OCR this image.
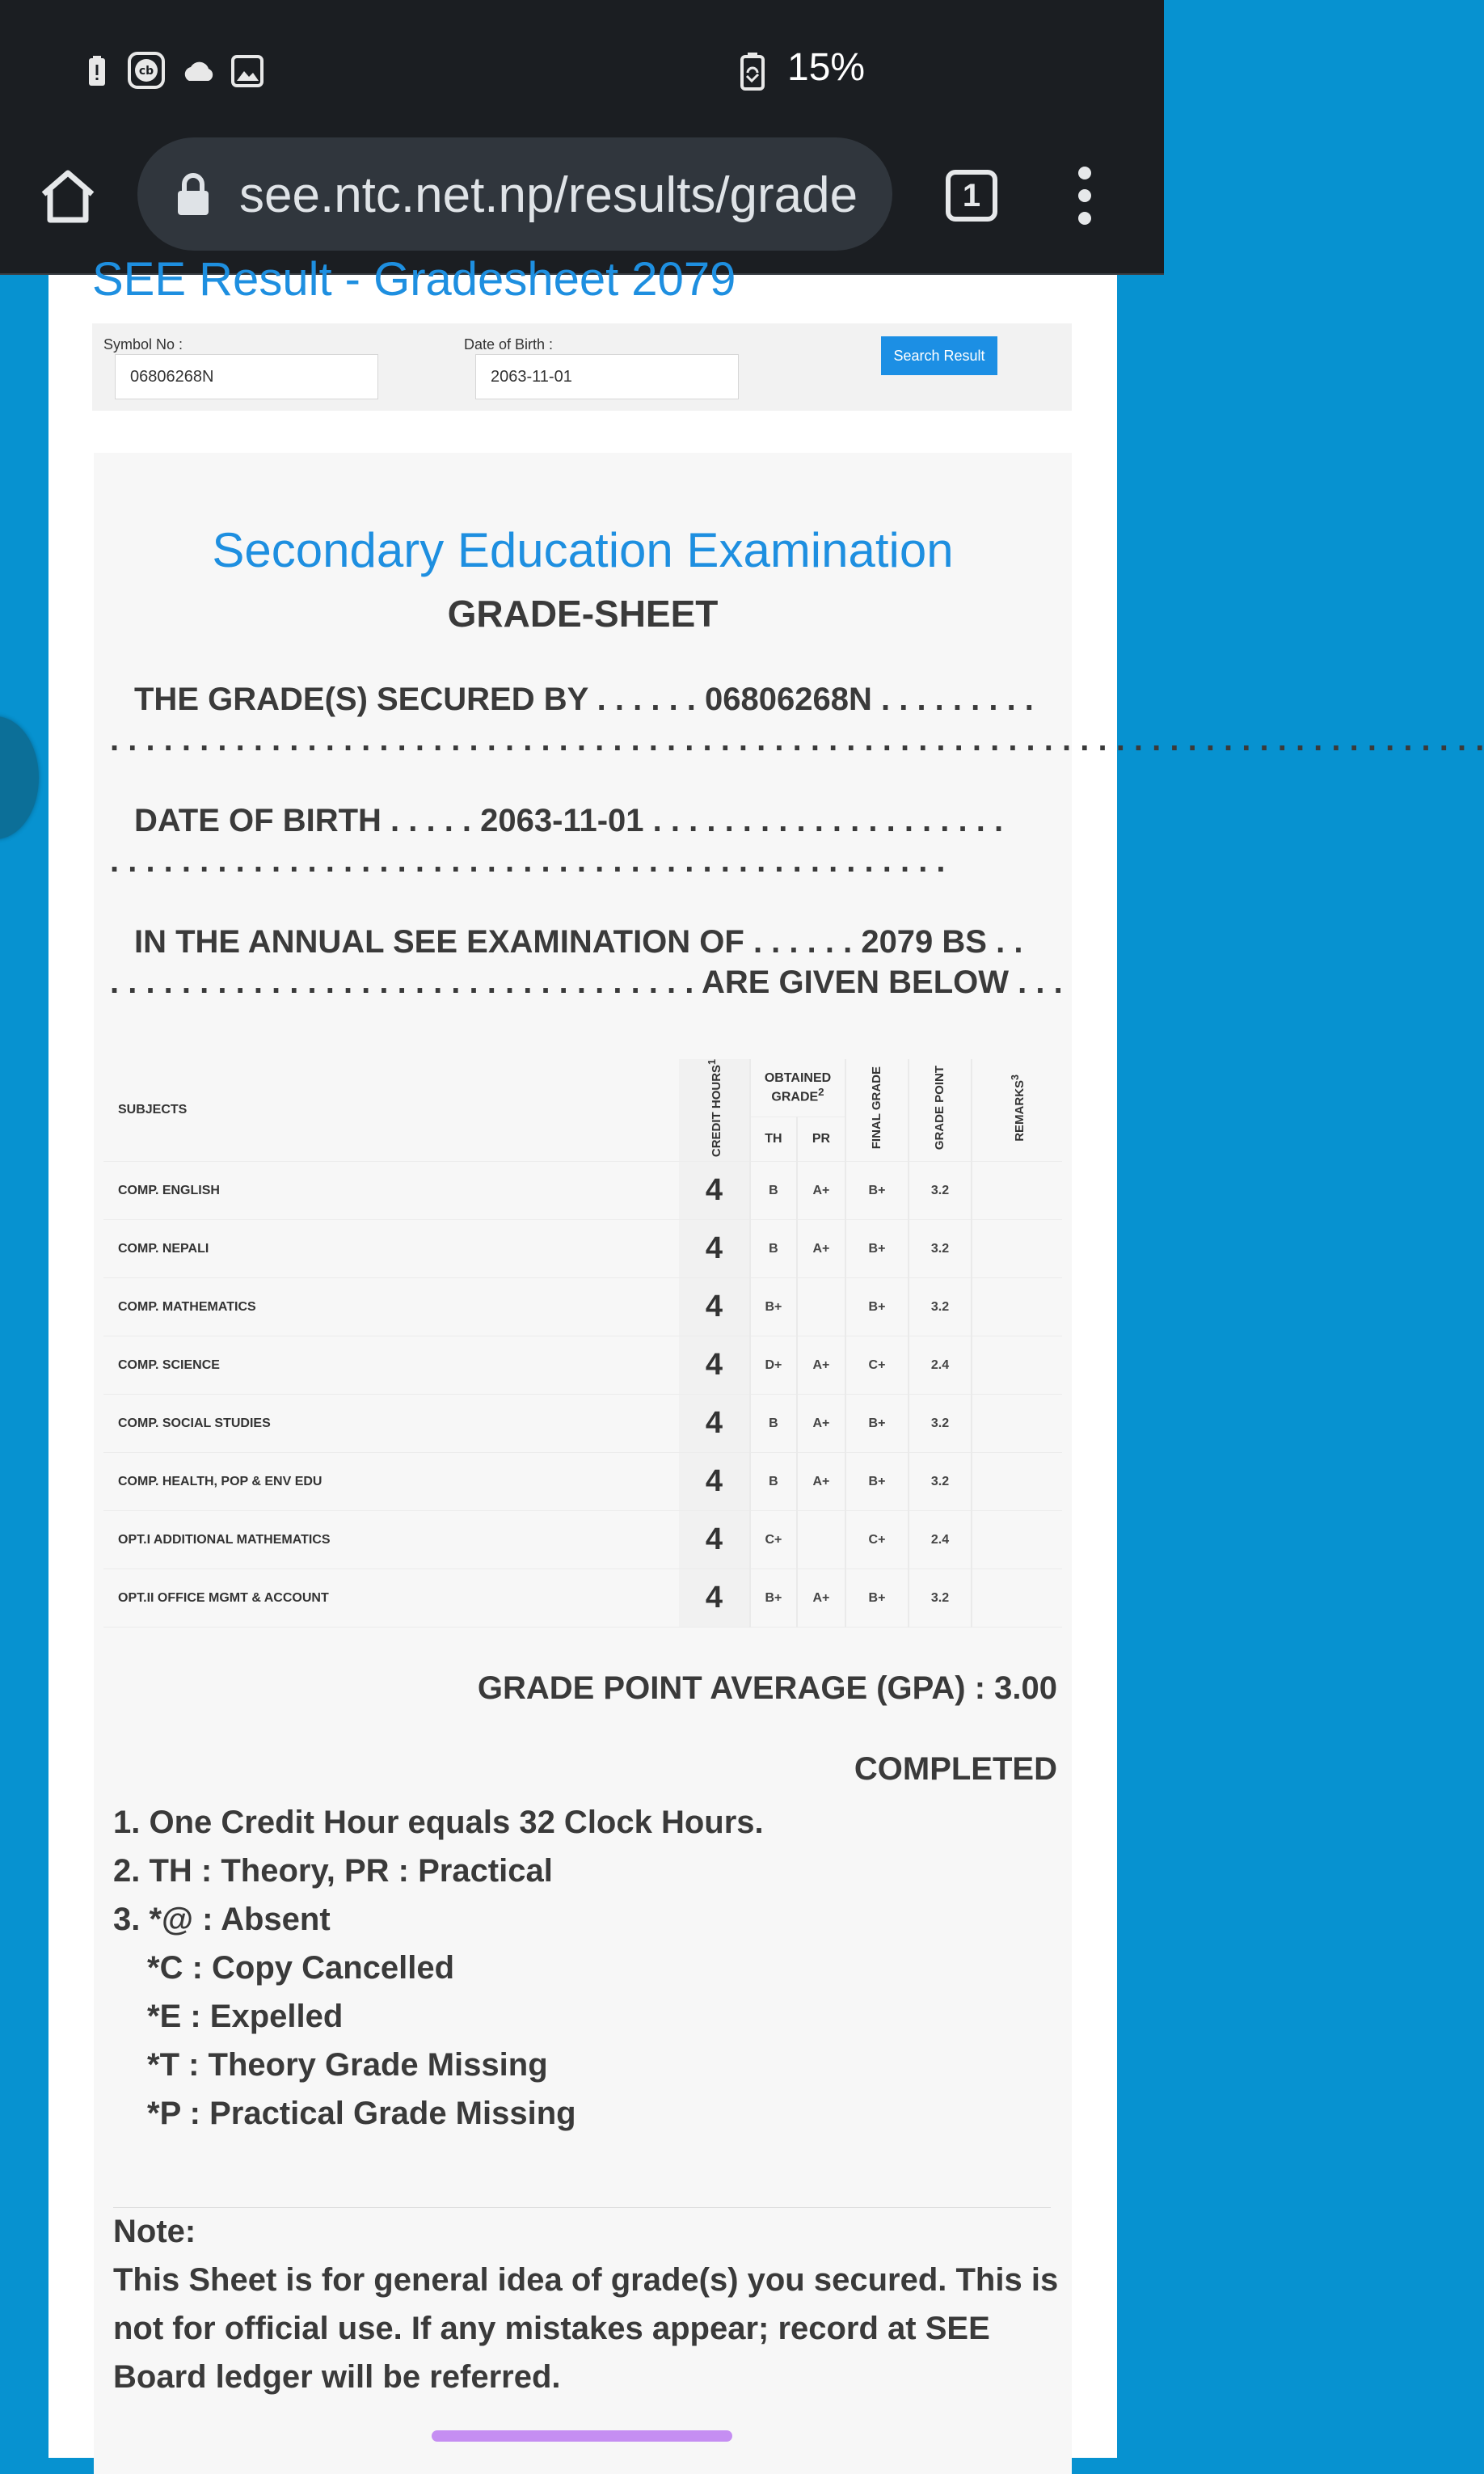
cb	15%
see.ntc.net.np/results/grade	1
SEE Result - Gradesheet 2079
Symbol No :
06806268N
Date of Birth :
2063-11-01
Search Result
Secondary Education Examination
GRADE-SHEET
THE GRADE(S) SECURED BY . . . . . . 06806268N . . . . . . . . .
. . . . . . . . . . . . . . . . . . . . . . . . . . . . . . . . . . . . . . . . . . . . . . . . . . . . . . . . . . . . . . . . . . . . . . . . . . . . .
DATE OF BIRTH . . . . . 2063-11-01 . . . . . . . . . . . . . . . . . . . .
. . . . . . . . . . . . . . . . . . . . . . . . . . . . . . . . . . . . . . . . . . . . . . .
IN THE ANNUAL SEE EXAMINATION OF . . . . . . 2079 BS . .
. . . . . . . . . . . . . . . . . . . . . . . . . . . . . . . . . ARE GIVEN BELOW . . .
SUBJECTS	CREDIT HOURS$^1$	OBTAINED GRADE$^2$		FINAL GRADE	GRADE POINT	REMARKS$^3$
		TH	PR			
COMP. ENGLISH	4	B	A+	B+	3.2	
COMP. NEPALI	4	B	A+	B+	3.2	
COMP. MATHEMATICS	4	B+		B+	3.2	
COMP. SCIENCE	4	D+	A+	C+	2.4	
COMP. SOCIAL STUDIES	4	B	A+	B+	3.2	
COMP. HEALTH, POP & ENV EDU	4	B	A+	B+	3.2	
OPT.I ADDITIONAL MATHEMATICS	4	C+		C+	2.4	
OPT.II OFFICE MGMT & ACCOUNT	4	B+	A+	B+	3.2	
GRADE POINT AVERAGE (GPA) : 3.00
COMPLETED
1. One Credit Hour equals 32 Clock Hours.
2. TH : Theory, PR : Practical
3. *@ : Absent
*C : Copy Cancelled
*E : Expelled
*T : Theory Grade Missing
*P : Practical Grade Missing
Note:
This Sheet is for general idea of grade(s) you secured. This is not for official use. If any mistakes appear; record at SEE Board ledger will be referred.
